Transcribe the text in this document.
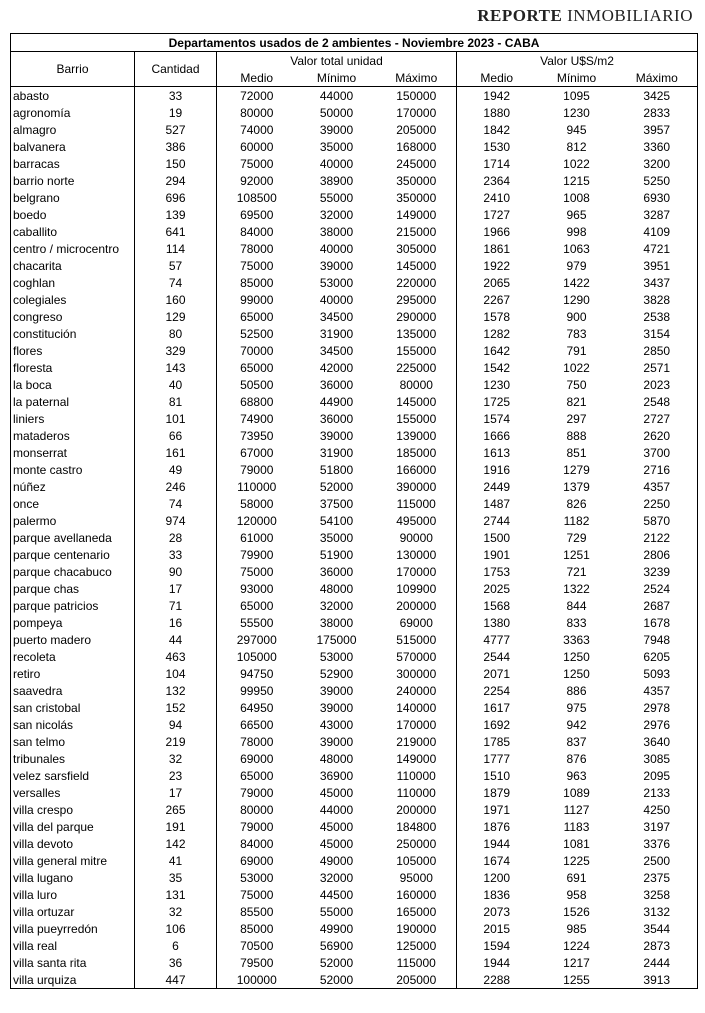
REPORTE INMOBILIARIO
Departamentos usados de 2 ambientes - Noviembre 2023 - CABA							
Barrio	Cantidad	Valor total unidad			Valor U$S/m2		
		Medio	Mínimo	Máximo	Medio	Mínimo	Máximo
abasto	33	72000	44000	150000	1942	1095	3425
agronomía	19	80000	50000	170000	1880	1230	2833
almagro	527	74000	39000	205000	1842	945	3957
balvanera	386	60000	35000	168000	1530	812	3360
barracas	150	75000	40000	245000	1714	1022	3200
barrio norte	294	92000	38900	350000	2364	1215	5250
belgrano	696	108500	55000	350000	2410	1008	6930
boedo	139	69500	32000	149000	1727	965	3287
caballito	641	84000	38000	215000	1966	998	4109
centro / microcentro	114	78000	40000	305000	1861	1063	4721
chacarita	57	75000	39000	145000	1922	979	3951
coghlan	74	85000	53000	220000	2065	1422	3437
colegiales	160	99000	40000	295000	2267	1290	3828
congreso	129	65000	34500	290000	1578	900	2538
constitución	80	52500	31900	135000	1282	783	3154
flores	329	70000	34500	155000	1642	791	2850
floresta	143	65000	42000	225000	1542	1022	2571
la boca	40	50500	36000	80000	1230	750	2023
la paternal	81	68800	44900	145000	1725	821	2548
liniers	101	74900	36000	155000	1574	297	2727
mataderos	66	73950	39000	139000	1666	888	2620
monserrat	161	67000	31900	185000	1613	851	3700
monte castro	49	79000	51800	166000	1916	1279	2716
núñez	246	110000	52000	390000	2449	1379	4357
once	74	58000	37500	115000	1487	826	2250
palermo	974	120000	54100	495000	2744	1182	5870
parque avellaneda	28	61000	35000	90000	1500	729	2122
parque centenario	33	79900	51900	130000	1901	1251	2806
parque chacabuco	90	75000	36000	170000	1753	721	3239
parque chas	17	93000	48000	109900	2025	1322	2524
parque patricios	71	65000	32000	200000	1568	844	2687
pompeya	16	55500	38000	69000	1380	833	1678
puerto madero	44	297000	175000	515000	4777	3363	7948
recoleta	463	105000	53000	570000	2544	1250	6205
retiro	104	94750	52900	300000	2071	1250	5093
saavedra	132	99950	39000	240000	2254	886	4357
san cristobal	152	64950	39000	140000	1617	975	2978
san nicolás	94	66500	43000	170000	1692	942	2976
san telmo	219	78000	39000	219000	1785	837	3640
tribunales	32	69000	48000	149000	1777	876	3085
velez sarsfield	23	65000	36900	110000	1510	963	2095
versalles	17	79000	45000	110000	1879	1089	2133
villa crespo	265	80000	44000	200000	1971	1127	4250
villa del parque	191	79000	45000	184800	1876	1183	3197
villa devoto	142	84000	45000	250000	1944	1081	3376
villa general mitre	41	69000	49000	105000	1674	1225	2500
villa lugano	35	53000	32000	95000	1200	691	2375
villa luro	131	75000	44500	160000	1836	958	3258
villa ortuzar	32	85500	55000	165000	2073	1526	3132
villa pueyrredón	106	85000	49900	190000	2015	985	3544
villa real	6	70500	56900	125000	1594	1224	2873
villa santa rita	36	79500	52000	115000	1944	1217	2444
villa urquiza	447	100000	52000	205000	2288	1255	3913
